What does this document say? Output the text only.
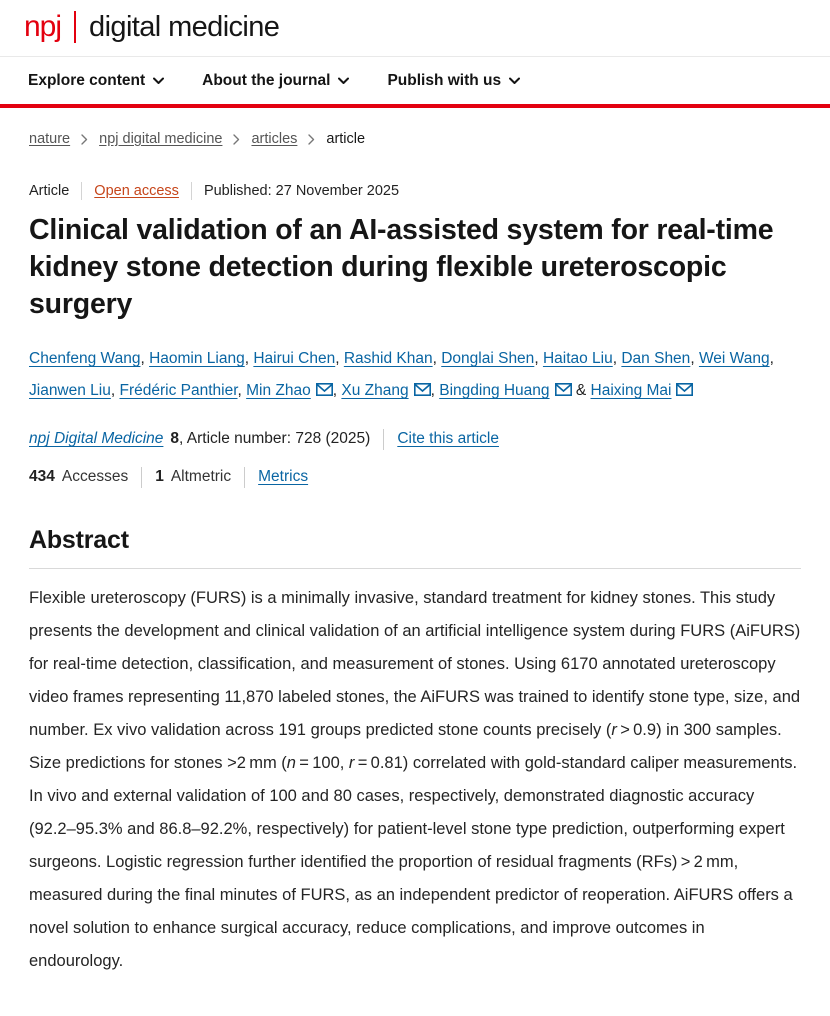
npj digital medicine
Explore content	About the journal	Publish with us
nature npj digital medicine articles article
Article Open access Published: 27 November 2025
Clinical validation of an AI-assisted system for real-time kidney stone detection during flexible ureteroscopic surgery

Chenfeng Wang, Haomin Liang, Hairui Chen, Rashid Khan, Donglai Shen, Haitao Liu, Dan Shen, Wei Wang, Jianwen Liu, Frédéric Panthier, Min Zhao , Xu Zhang , Bingding Huang & Haixing Mai

npj Digital Medicine 8 , Article number: 728 (2025) Cite this article
434 Accesses 1 Altmetric Metrics
Abstract

Flexible ureteroscopy (FURS) is a minimally invasive, standard treatment for kidney stones. This study presents the development and clinical validation of an artificial intelligence system during FURS (AiFURS) for real-time detection, classification, and measurement of stones. Using 6170 annotated ureteroscopy video frames representing 11,870 labeled stones, the AiFURS was trained to identify stone type, size, and number. Ex vivo validation across 191 groups predicted stone counts precisely (r > 0.9) in 300 samples. Size predictions for stones >2 mm (n = 100, r = 0.81) correlated with gold-standard caliper measurements. In vivo and external validation of 100 and 80 cases, respectively, demonstrated diagnostic accuracy (92.2–95.3% and 86.8–92.2%, respectively) for patient-level stone type prediction, outperforming expert surgeons. Logistic regression further identified the proportion of residual fragments (RFs) > 2 mm, measured during the final minutes of FURS, as an independent predictor of reoperation. AiFURS offers a novel solution to enhance surgical accuracy, reduce complications, and improve outcomes in endourology.
